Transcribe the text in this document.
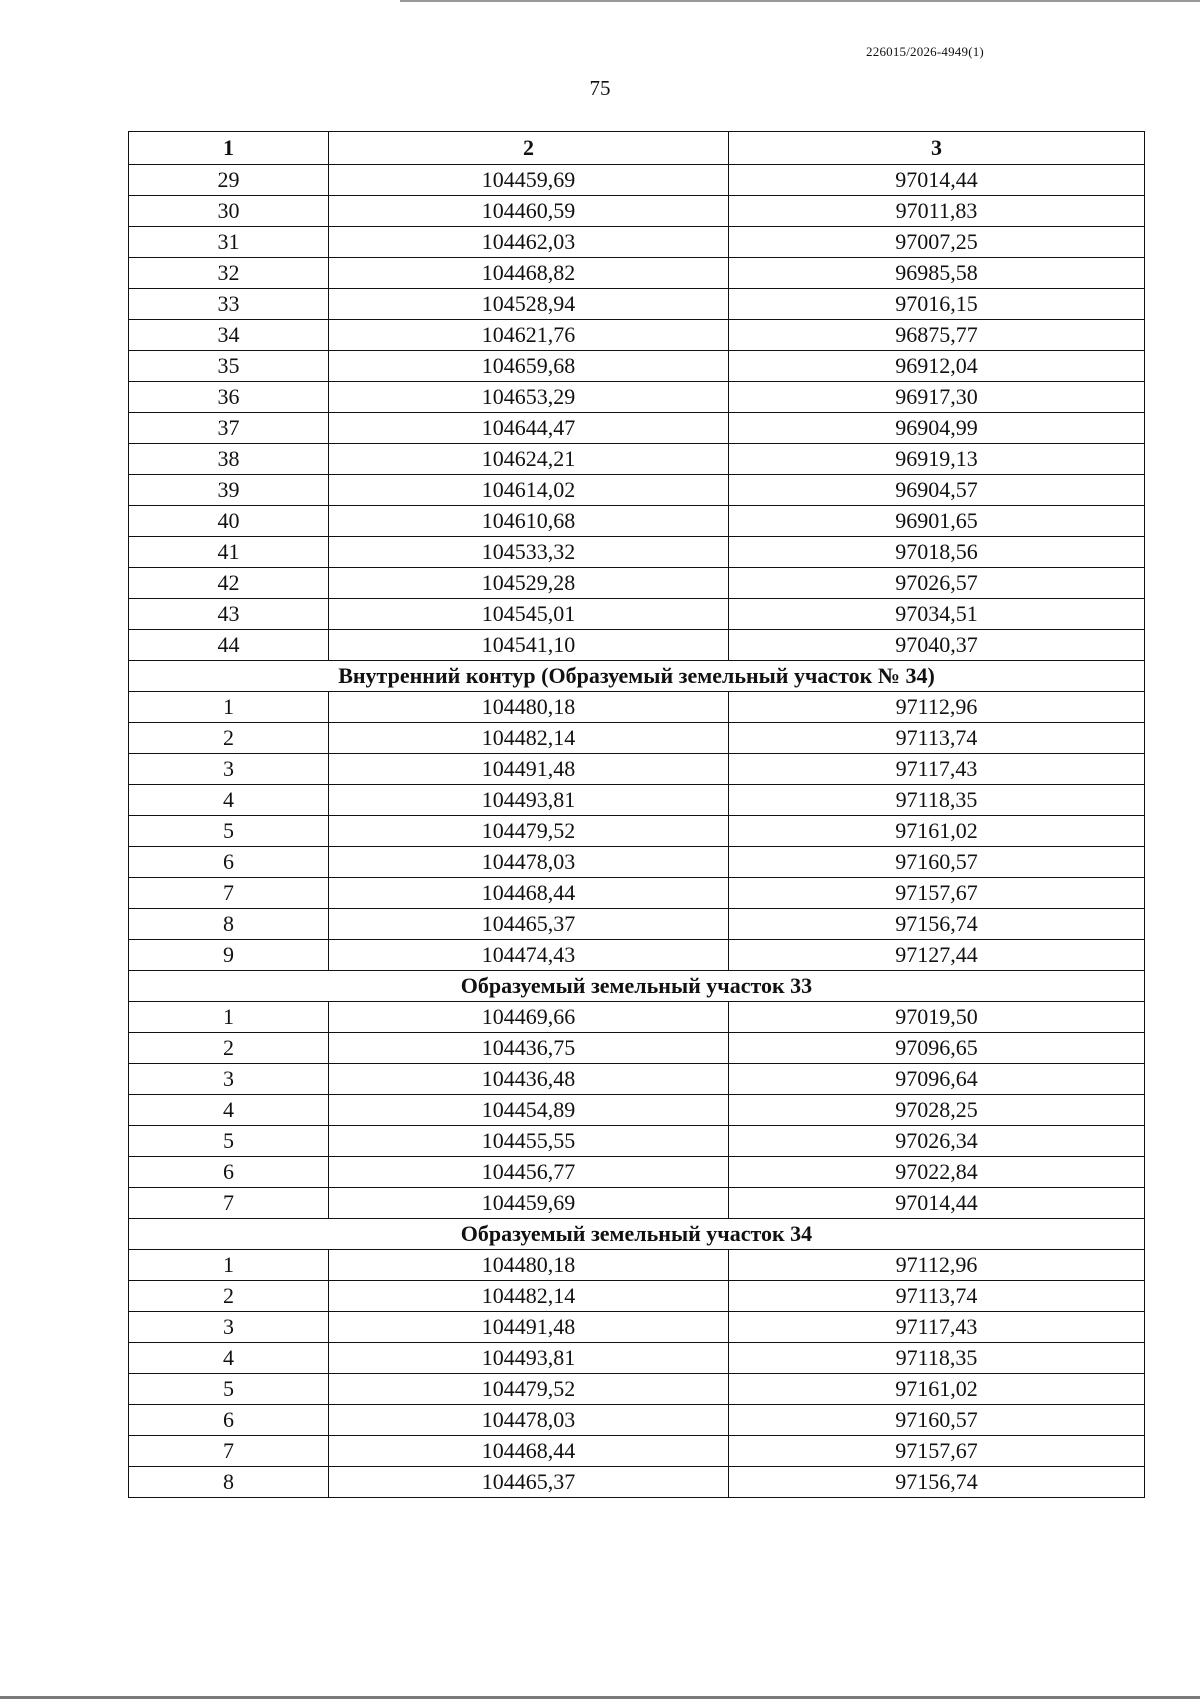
226015/2026-4949(1)
75
1	2	3
29	104459,69	97014,44
30	104460,59	97011,83
31	104462,03	97007,25
32	104468,82	96985,58
33	104528,94	97016,15
34	104621,76	96875,77
35	104659,68	96912,04
36	104653,29	96917,30
37	104644,47	96904,99
38	104624,21	96919,13
39	104614,02	96904,57
40	104610,68	96901,65
41	104533,32	97018,56
42	104529,28	97026,57
43	104545,01	97034,51
44	104541,10	97040,37
Внутренний контур (Образуемый земельный участок № 34)		
1	104480,18	97112,96
2	104482,14	97113,74
3	104491,48	97117,43
4	104493,81	97118,35
5	104479,52	97161,02
6	104478,03	97160,57
7	104468,44	97157,67
8	104465,37	97156,74
9	104474,43	97127,44
Образуемый земельный участок 33		
1	104469,66	97019,50
2	104436,75	97096,65
3	104436,48	97096,64
4	104454,89	97028,25
5	104455,55	97026,34
6	104456,77	97022,84
7	104459,69	97014,44
Образуемый земельный участок 34		
1	104480,18	97112,96
2	104482,14	97113,74
3	104491,48	97117,43
4	104493,81	97118,35
5	104479,52	97161,02
6	104478,03	97160,57
7	104468,44	97157,67
8	104465,37	97156,74
